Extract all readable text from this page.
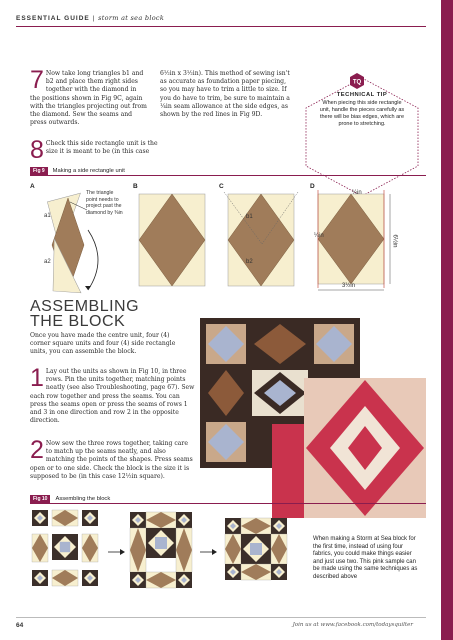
ESSENTIAL GUIDE | storm at sea block
7 Now take long triangles b1 and b2 and place them right sides together with the diamond in the positions shown in Fig 9C, again with the triangles projecting out from the diamond. Sew the seams and press outwards.

6½in x 3½in). This method of sewing isn't as accurate as foundation paper piecing, so you may have to trim a little to size. If you do have to trim, be sure to maintain a ¼in seam allowance at the side edges, as shown by the red lines in Fig 9D.
TQ
TECHNICAL TIP
When piecing this side rectangle unit, handle the pieces carefully as there will be bias edges, which are prone to stretching.
8 Check this side rectangle unit is the size it is meant to be (in this case

Fig 9 Making a side rectangle unit
A	B	C	D
a1
a2
The triangle point needs to project past the diamond by ⅜in
b1
b2
¼in
¼in	6½in
3½in
ASSEMBLING
THE BLOCK
Once you have made the centre unit, four (4) corner square units and four (4) side rectangle units, you can assemble the block.
1 Lay out the units as shown in Fig 10, in three rows. Pin the units together, matching points neatly (see also Troubleshooting, page 67). Sew each row together and press the seams. You can press the seams open or press the seams of rows 1 and 3 in one direction and row 2 in the opposite direction.

2 Now sew the three rows together, taking care to match up the seams neatly, and also matching the points of the shapes. Press seams open or to one side. Check the block is the size it is supposed to be (in this case 12½in square).

Fig 10 Assembling the block
When making a Storm at Sea block for the first time, instead of using four fabrics, you could make things easier and just use two. This pink sample can be made using the same techniques as described above
64	Join us at www.facebook.com/todaysquilter
